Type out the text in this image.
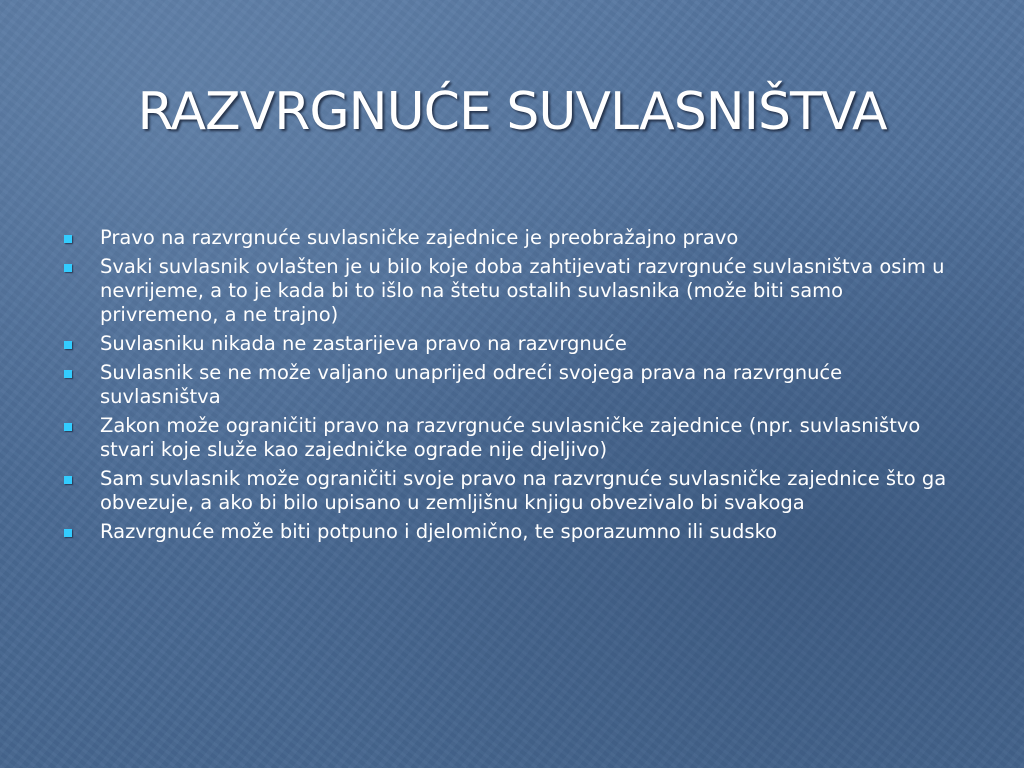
RAZVRGNUĆE SUVLASNIŠTVA
Pravo na razvrgnuće suvlasničke zajednice je preobražajno pravo
Svaki suvlasnik ovlašten je u bilo koje doba zahtijevati razvrgnuće suvlasništva osim u nevrijeme, a to je kada bi to išlo na štetu ostalih suvlasnika (može biti samo privremeno, a ne trajno)
Suvlasniku nikada ne zastarijeva pravo na razvrgnuće
Suvlasnik se ne može valjano unaprijed odreći svojega prava na razvrgnuće suvlasništva
Zakon može ograničiti pravo na razvrgnuće suvlasničke zajednice (npr. suvlasništvo stvari koje služe kao zajedničke ograde nije djeljivo)
Sam suvlasnik može ograničiti svoje pravo na razvrgnuće suvlasničke zajednice što ga obvezuje, a ako bi bilo upisano u zemljišnu knjigu obvezivalo bi svakoga
Razvrgnuće može biti potpuno i djelomično, te sporazumno ili sudsko
